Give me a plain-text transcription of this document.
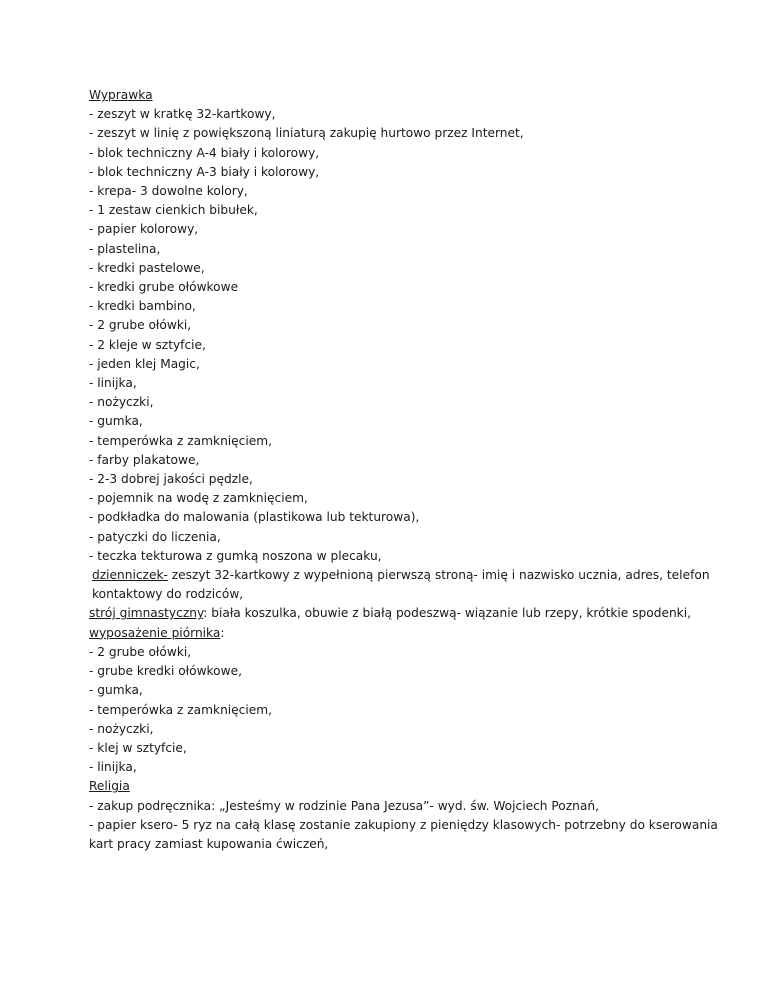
Wyprawka
- zeszyt w kratkę 32-kartkowy,
- zeszyt w linię z powiększoną liniaturą zakupię hurtowo przez Internet,
- blok techniczny A-4 biały i kolorowy,
- blok techniczny A-3 biały i kolorowy,
- krepa- 3 dowolne kolory,
- 1 zestaw cienkich bibułek,
- papier kolorowy,
- plastelina,
- kredki pastelowe,
- kredki grube ołówkowe
- kredki bambino,
- 2 grube ołówki,
- 2 kleje w sztyfcie,
- jeden klej Magic,
- linijka,
- nożyczki,
- gumka,
- temperówka z zamknięciem,
- farby plakatowe,
- 2-3 dobrej jakości pędzle,
- pojemnik na wodę z zamknięciem,
- podkładka do malowania (plastikowa lub tekturowa),
- patyczki do liczenia,
- teczka tekturowa z gumką noszona w plecaku,
dzienniczek- zeszyt 32-kartkowy z wypełnioną pierwszą stroną- imię i nazwisko ucznia, adres, telefon kontaktowy do rodziców,
strój gimnastyczny: biała koszulka, obuwie z białą podeszwą- wiązanie lub rzepy, krótkie spodenki,
wyposażenie piórnika:
- 2 grube ołówki,
- grube kredki ołówkowe,
- gumka,
- temperówka z zamknięciem,
- nożyczki,
- klej w sztyfcie,
- linijka,
Religia
- zakup podręcznika: „Jesteśmy w rodzinie Pana Jezusa”- wyd. św. Wojciech Poznań,
- papier ksero- 5 ryz na całą klasę zostanie zakupiony z pieniędzy klasowych- potrzebny do kserowania kart pracy zamiast kupowania ćwiczeń,
